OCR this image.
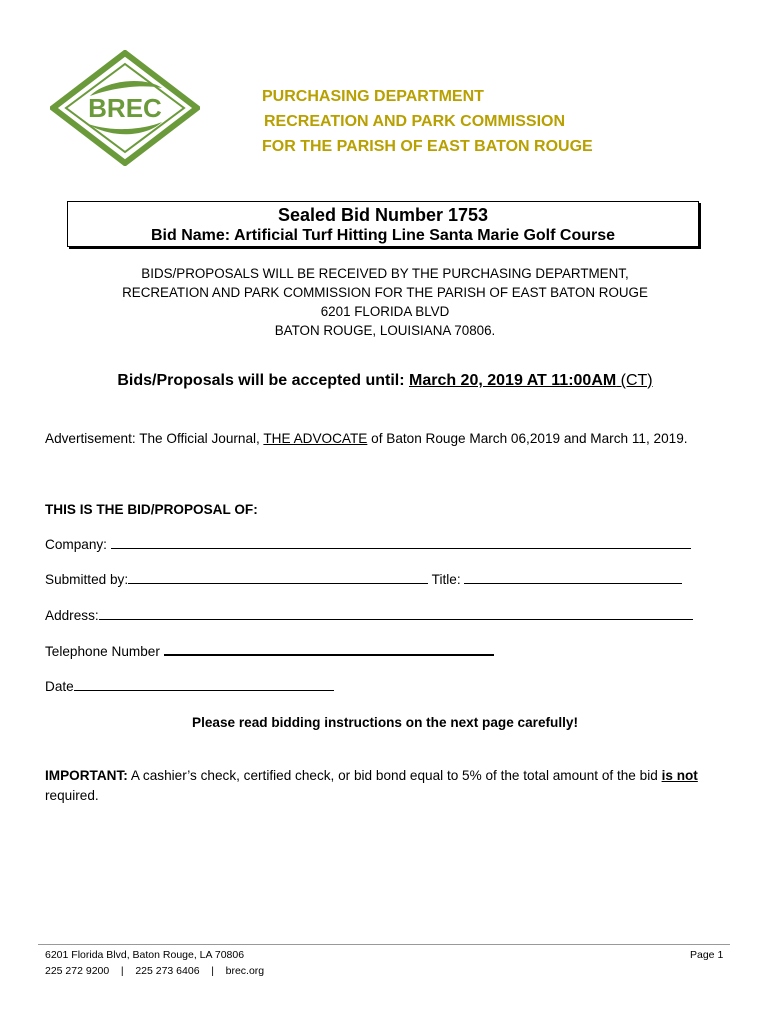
BREC	PURCHASING DEPARTMENT
RECREATION AND PARK COMMISSION
FOR THE PARISH OF EAST BATON ROUGE
Sealed Bid Number 1753
Bid Name: Artificial Turf Hitting Line Santa Marie Golf Course
BIDS/PROPOSALS WILL BE RECEIVED BY THE PURCHASING DEPARTMENT,
RECREATION AND PARK COMMISSION FOR THE PARISH OF EAST BATON ROUGE
6201 FLORIDA BLVD
BATON ROUGE, LOUISIANA 70806.
Bids/Proposals will be accepted until: March 20, 2019 AT 11:00AM (CT)
Advertisement: The Official Journal, THE ADVOCATE of Baton Rouge March 06,2019 and March 11, 2019.
THIS IS THE BID/PROPOSAL OF:
Company:
Submitted by:	Title:
Address:
Telephone Number
Date
Please read bidding instructions on the next page carefully!
IMPORTANT: A cashier’s check, certified check, or bid bond equal to 5% of the total amount of the bid is not required.
6201 Florida Blvd, Baton Rouge, LA 70806
225 272 9200 | 225 273 6406 | brec.org
Page 1
